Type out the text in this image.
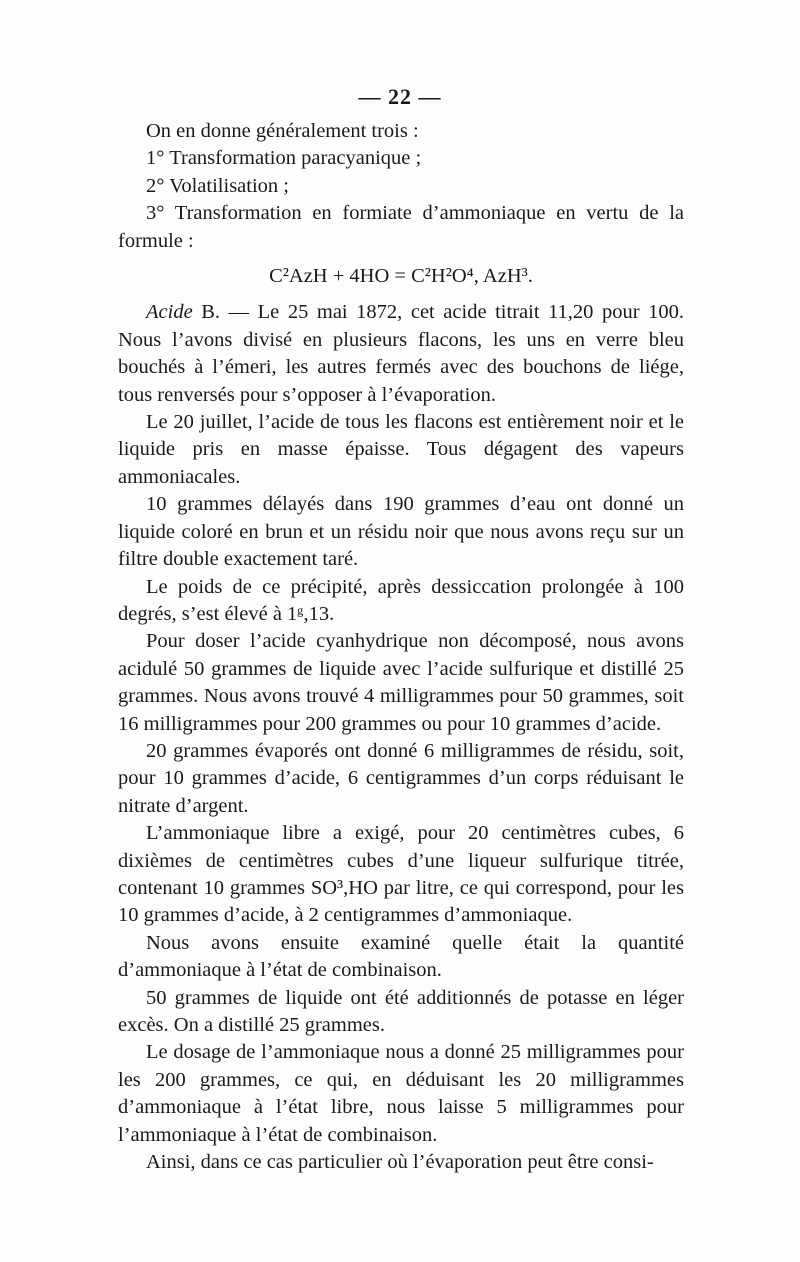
— 22 —

On en donne généralement trois :

1° Transformation paracyanique ;

2° Volatilisation ;

3° Transformation en formiate d’ammoniaque en vertu de la formule :

C²AzH + 4HO = C²H²O⁴, AzH³.

Acide B. — Le 25 mai 1872, cet acide titrait 11,20 pour 100. Nous l’avons divisé en plusieurs flacons, les uns en verre bleu bouchés à l’émeri, les autres fermés avec des bouchons de liége, tous renversés pour s’opposer à l’évaporation.

Le 20 juillet, l’acide de tous les flacons est entièrement noir et le liquide pris en masse épaisse. Tous dégagent des vapeurs ammoniacales.

10 grammes délayés dans 190 grammes d’eau ont donné un liquide coloré en brun et un résidu noir que nous avons reçu sur un filtre double exactement taré.

Le poids de ce précipité, après dessiccation prolongée à 100 degrés, s’est élevé à 1ᵍ,13.

Pour doser l’acide cyanhydrique non décomposé, nous avons acidulé 50 grammes de liquide avec l’acide sulfurique et distillé 25 grammes. Nous avons trouvé 4 milligrammes pour 50 grammes, soit 16 milligrammes pour 200 grammes ou pour 10 grammes d’acide.

20 grammes évaporés ont donné 6 milligrammes de résidu, soit, pour 10 grammes d’acide, 6 centigrammes d’un corps réduisant le nitrate d’argent.

L’ammoniaque libre a exigé, pour 20 centimètres cubes, 6 dixièmes de centimètres cubes d’une liqueur sulfurique titrée, contenant 10 grammes SO³,HO par litre, ce qui correspond, pour les 10 grammes d’acide, à 2 centigrammes d’ammoniaque.

Nous avons ensuite examiné quelle était la quantité d’ammoniaque à l’état de combinaison.

50 grammes de liquide ont été additionnés de potasse en léger excès. On a distillé 25 grammes.

Le dosage de l’ammoniaque nous a donné 25 milligrammes pour les 200 grammes, ce qui, en déduisant les 20 milligrammes d’ammoniaque à l’état libre, nous laisse 5 milligrammes pour l’ammoniaque à l’état de combinaison.

Ainsi, dans ce cas particulier où l’évaporation peut être consi-
